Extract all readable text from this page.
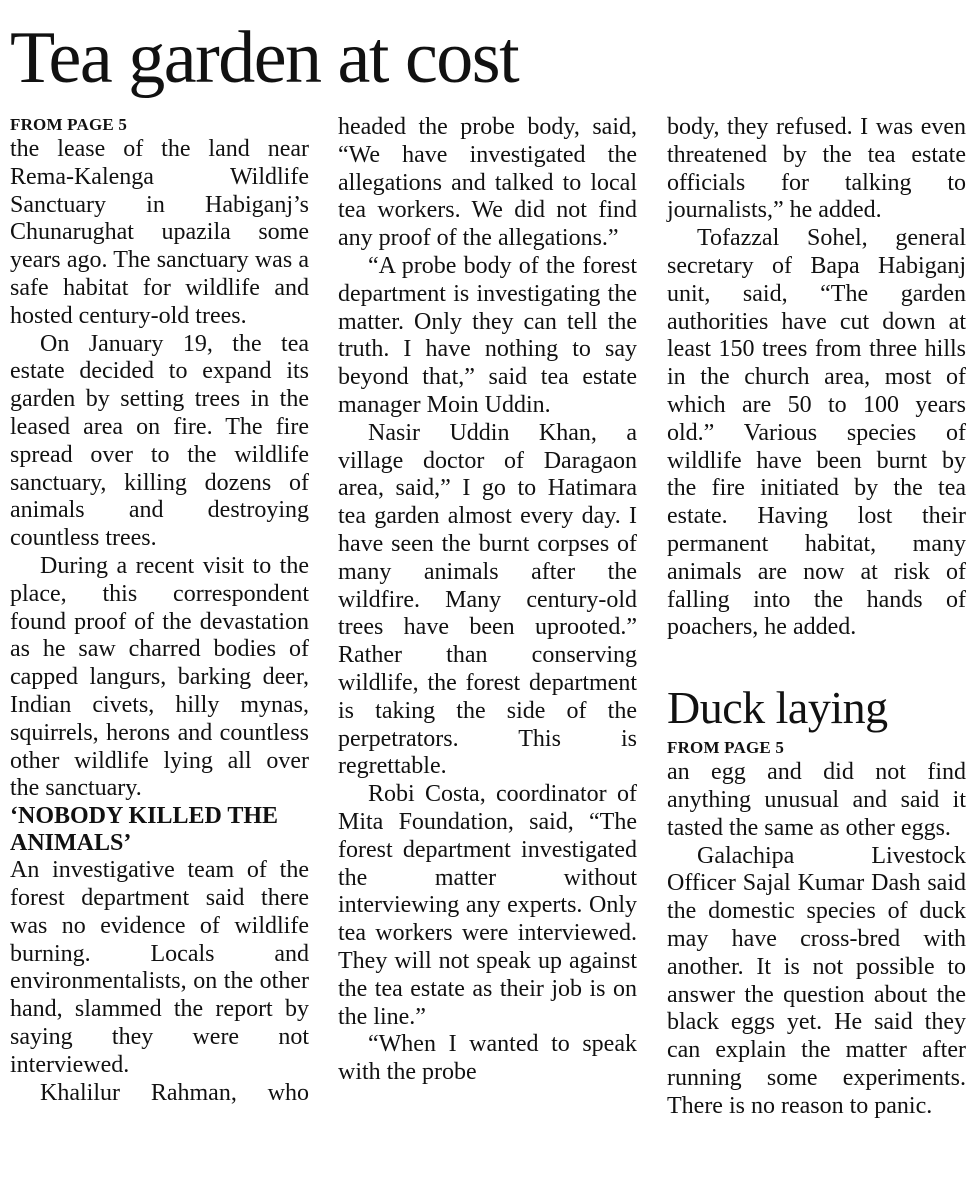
Tea garden at cost

FROM PAGE 5

the lease of the land near Rema-Kalenga Wildlife Sanctuary in Habiganj’s Chunarughat upazila some years ago. The sanctuary was a safe habitat for wildlife and hosted century-old trees.

On January 19, the tea estate decided to expand its garden by setting trees in the leased area on fire. The fire spread over to the wildlife sanctuary, killing dozens of animals and destroying countless trees.

During a recent visit to the place, this correspondent found proof of the devastation as he saw charred bodies of capped langurs, barking deer, Indian civets, hilly mynas, squirrels, herons and countless other wildlife lying all over the sanctuary.

‘NOBODY KILLED THE ANIMALS’

An investigative team of the forest department said there was no evidence of wildlife burning. Locals and environmentalists, on the other hand, slammed the report by saying they were not interviewed.

Khalilur Rahman, who

headed the probe body, said, “We have investigated the allegations and talked to local tea workers. We did not find any proof of the allegations.”

“A probe body of the forest department is investigating the matter. Only they can tell the truth. I have nothing to say beyond that,” said tea estate manager Moin Uddin.

Nasir Uddin Khan, a village doctor of Daragaon area, said,” I go to Hatimara tea garden almost every day. I have seen the burnt corpses of many animals after the wildfire. Many century-old trees have been uprooted.” Rather than conserving wildlife, the forest department is taking the side of the perpetrators. This is regrettable.

Robi Costa, coordinator of Mita Foundation, said, “The forest department investigated the matter without interviewing any experts. Only tea workers were interviewed. They will not speak up against the tea estate as their job is on the line.”

“When I wanted to speak with the probe

body, they refused. I was even threatened by the tea estate officials for talking to journalists,” he added.

Tofazzal Sohel, general secretary of Bapa Habiganj unit, said, “The garden authorities have cut down at least 150 trees from three hills in the church area, most of which are 50 to 100 years old.” Various species of wildlife have been burnt by the fire initiated by the tea estate. Having lost their permanent habitat, many animals are now at risk of falling into the hands of poachers, he added.

Duck laying

FROM PAGE 5

an egg and did not find anything unusual and said it tasted the same as other eggs.

Galachipa Livestock Officer Sajal Kumar Dash said the domestic species of duck may have cross-bred with another. It is not possible to answer the question about the black eggs yet. He said they can explain the matter after running some experiments. There is no reason to panic.
